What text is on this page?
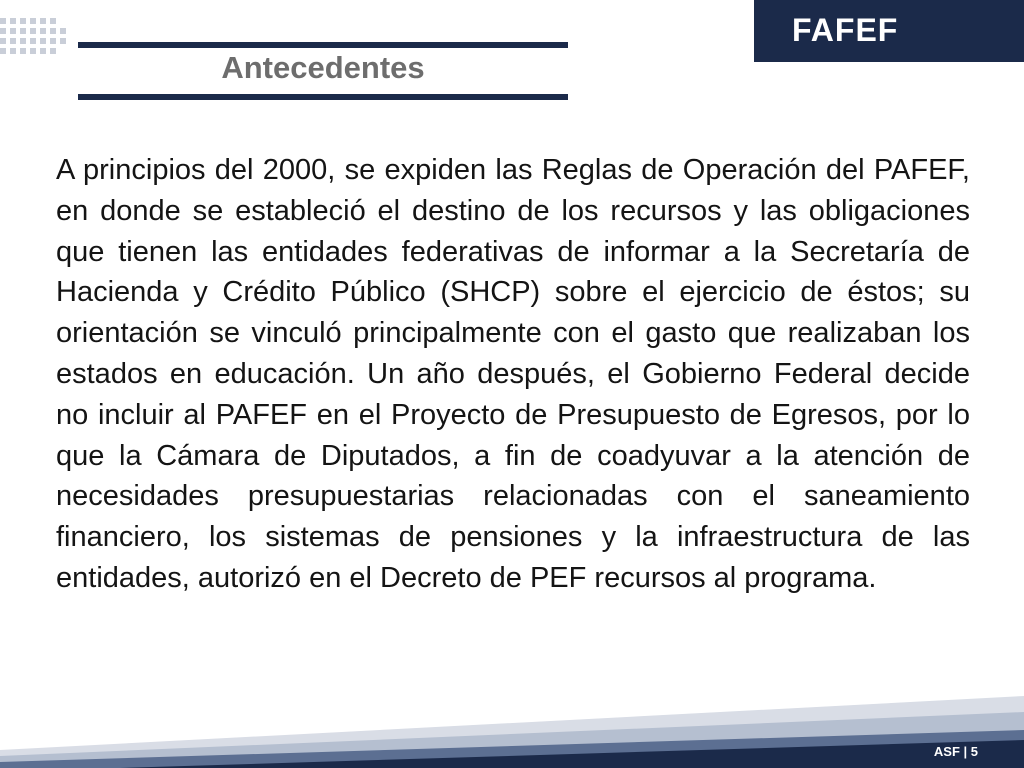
FAFEF
Antecedentes

A principios del 2000, se expiden las Reglas de Operación del PAFEF, en donde se estableció el destino de los recursos y las obligaciones que tienen las entidades federativas de informar a la Secretaría de Hacienda y Crédito Público (SHCP) sobre el ejercicio de éstos; su orientación se vinculó principalmente con el gasto que realizaban los estados en educación. Un año después, el Gobierno Federal decide no incluir al PAFEF en el Proyecto de Presupuesto de Egresos, por lo que la Cámara de Diputados, a fin de coadyuvar a la atención de necesidades presupuestarias relacionadas con el saneamiento financiero, los sistemas de pensiones y la infraestructura de las entidades, autorizó en el Decreto de PEF recursos al programa.

ASF | 5
